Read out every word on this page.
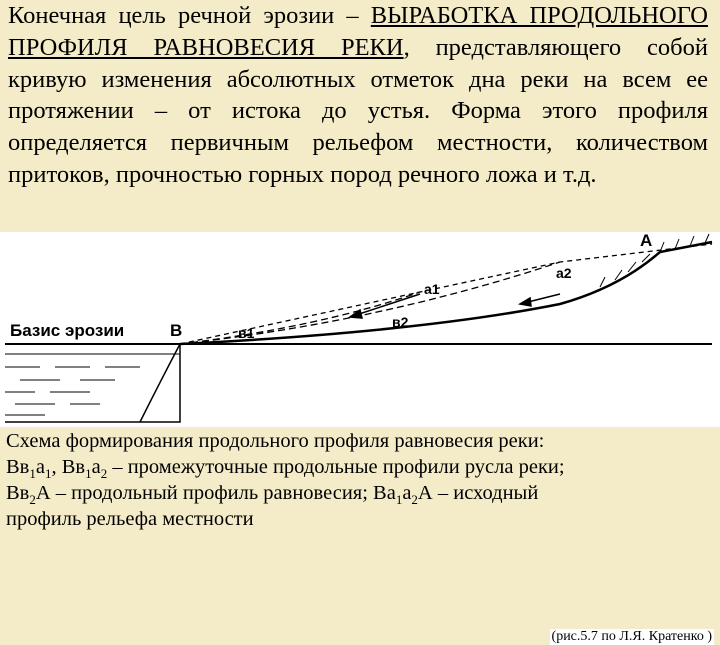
Конечная цель речной эрозии – ВЫРАБОТКА ПРОДОЛЬНОГО ПРОФИЛЯ РАВНОВЕСИЯ РЕКИ, представляющего собой кривую изменения абсолютных отметок дна реки на всем ее протяжении – от истока до устья. Форма этого профиля определяется первичным рельефом местности, количеством притоков, прочностью горных пород речного ложа и т.д.
Базис эрозии	B
A
a1
a2
в1
в2
(рис.5.7 по Л.Я. Кратенко )
Схема формирования продольного профиля равновесия реки:
$Вв_1а_1$, $Вв_1а_2$ – промежуточные продольные профили русла реки;
$Вв_2А$ – продольный профиль равновесия; $Ва_1а_2А$ – исходный
профиль рельефа местности
